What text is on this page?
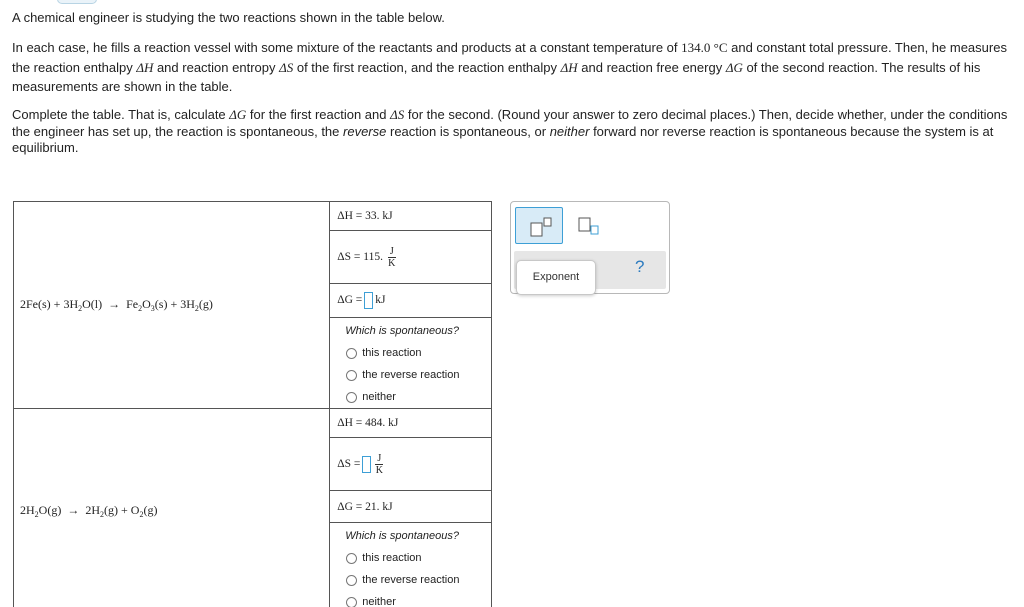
A chemical engineer is studying the two reactions shown in the table below.
In each case, he fills a reaction vessel with some mixture of the reactants and products at a constant temperature of 134.0 °C and constant total pressure. Then, he measures the reaction enthalpy ΔH and reaction entropy ΔS of the first reaction, and the reaction enthalpy ΔH and reaction free energy ΔG of the second reaction. The results of his measurements are shown in the table.
Complete the table. That is, calculate ΔG for the first reaction and ΔS for the second. (Round your answer to zero decimal places.) Then, decide whether, under the conditions the engineer has set up, the reaction is spontaneous, the reverse reaction is spontaneous, or neither forward nor reverse reaction is spontaneous because the system is at equilibrium.
$2Fe(s) + 3H_2O(l) \to Fe_2O_3(s) + 3H_2(g)$	ΔH = 33. kJ
	ΔS = 115. $\frac{J}{K}$

	ΔG = kJ

	Which is spontaneous?
this reaction
the reverse reaction
neither

$2H_2O(g) \to 2H_2(g) + O_2(g)$	ΔH = 484. kJ
	$\Delta S = \frac{J}{K}$

	ΔG = 21. kJ

	Which is spontaneous?
this reaction
the reverse reaction
neither
?
Exponent
